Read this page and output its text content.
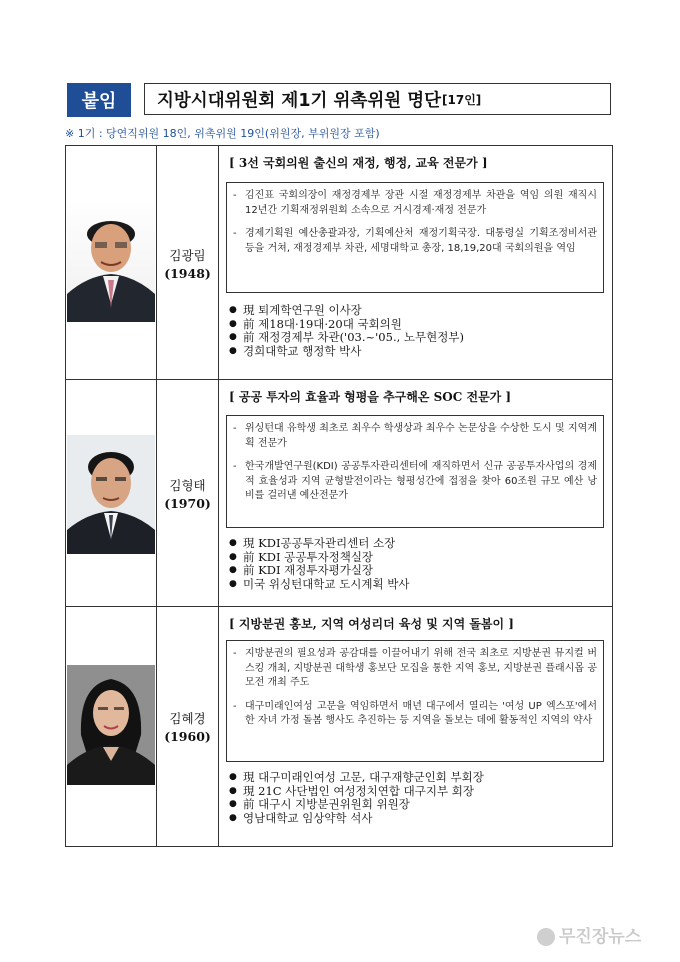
붙임	지방시대위원회 제1기 위촉위원 명단 [17인]
※ 1기 : 당연직위원 18인, 위촉위원 19인(위원장, 부위원장 포함)
김광림
(1948)
[ 3선 국회의원 출신의 재정, 행정, 교육 전문가 ]
- 김진표 국회의장이 재정경제부 장관 시절 재정경제부 차관을 역임 의원 재직시 12년간 기획재정위원회 소속으로 거시경제·재정 전문가
- 경제기획원 예산총괄과장, 기획예산처 재정기획국장. 대통령실 기획조정비서관 등을 거쳐, 재정경제부 차관, 세명대학교 총장, 18,19,20대 국회의원을 역임
● 現 퇴계학연구원 이사장
● 前 제18대·19대·20대 국회의원
● 前 재정경제부 차관('03.~'05., 노무현정부)
● 경희대학교 행정학 박사
김형태
(1970)
[ 공공 투자의 효율과 형평을 추구해온 SOC 전문가 ]
- 위싱턴대 유학생 최초로 최우수 학생상과 최우수 논문상을 수상한 도시 및 지역계획 전문가
- 한국개발연구원(KDI) 공공투자관리센터에 재직하면서 신규 공공투자사업의 경제적 효율성과 지역 균형발전이라는 형평성간에 접점을 찾아 60조원 규모 예산 낭비를 걸러낸 예산전문가
● 現 KDI공공투자관리센터 소장
● 前 KDI 공공투자정책실장
● 前 KDI 재정투자평가실장
● 미국 위싱턴대학교 도시계획 박사
김혜경
(1960)
[ 지방분권 홍보, 지역 여성리더 육성 및 지역 돌봄이 ]
- 지방분권의 필요성과 공감대를 이끌어내기 위해 전국 최초로 지방분권 뮤지컬 버스킹 개최, 지방분권 대학생 홍보단 모집을 통한 지역 홍보, 지방분권 플래시몹 공모전 개최 주도
- 대구미래인여성 고문을 역임하면서 매년 대구에서 열리는 '여성 UP 엑스포'에서 한 자녀 가정 돌봄 행사도 추진하는 등 지역을 돌보는 데에 활동적인 지역의 약사
● 現 대구미래인여성 고문, 대구재향군인회 부회장
● 現 21C 사단법인 여성정치연합 대구지부 회장
● 前 대구시 지방분권위원회 위원장
● 영남대학교 임상약학 석사
무진장뉴스
